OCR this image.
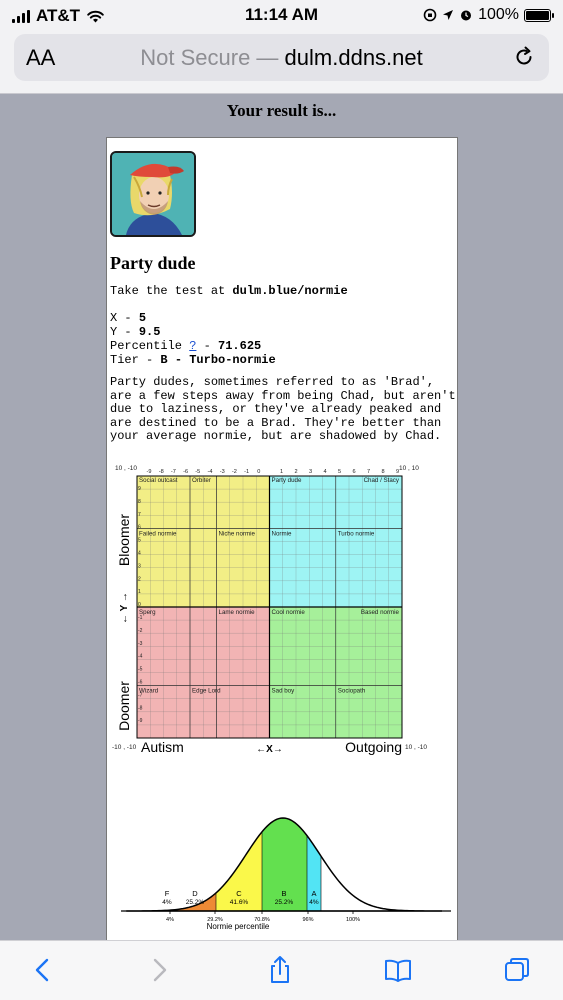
AT&T	11:14 AM	100%
AA	Not Secure — dulm.ddns.net
Your result is...
Party dude
Take the test at dulm.blue/normie
X - 5
Y - 9.5
Percentile ? - 71.625
Tier - B - Turbo-normie
Party dudes, sometimes referred to as 'Brad', are a few steps away from being Chad, but aren't due to laziness, or they've already peaked and are destined to be a Brad. They're better than your average normie, but are shadowed by Chad.
Social outcast Orbiter	Party dude	Chad / Stacy
Failed normie	Niche normie	Normie	Turbo normie
Sperg	Lame normie	Cool normie	Based normie
Wizard	Edge Lord	Sad boy	Sociopath
-9 -8 -7 -6 -5 -4 -3 -2 -1 0	1 2 3 4 5 6 7 8 9
9
8
7
6
5
4
3
2
1
0
-1
-2
-3
-4
-5
-6
-7
-8
-9
10 , -10	10 , 10
-10 , -10	10 , -10
Autism	Outgoing
←X→
Bloomer
Doomer
← Y →
F
4%
D
25.2%
C
41.6%
B
25.2%
A
4%
4%	29.2%	70.8%	96%	100%
Normie percentile
